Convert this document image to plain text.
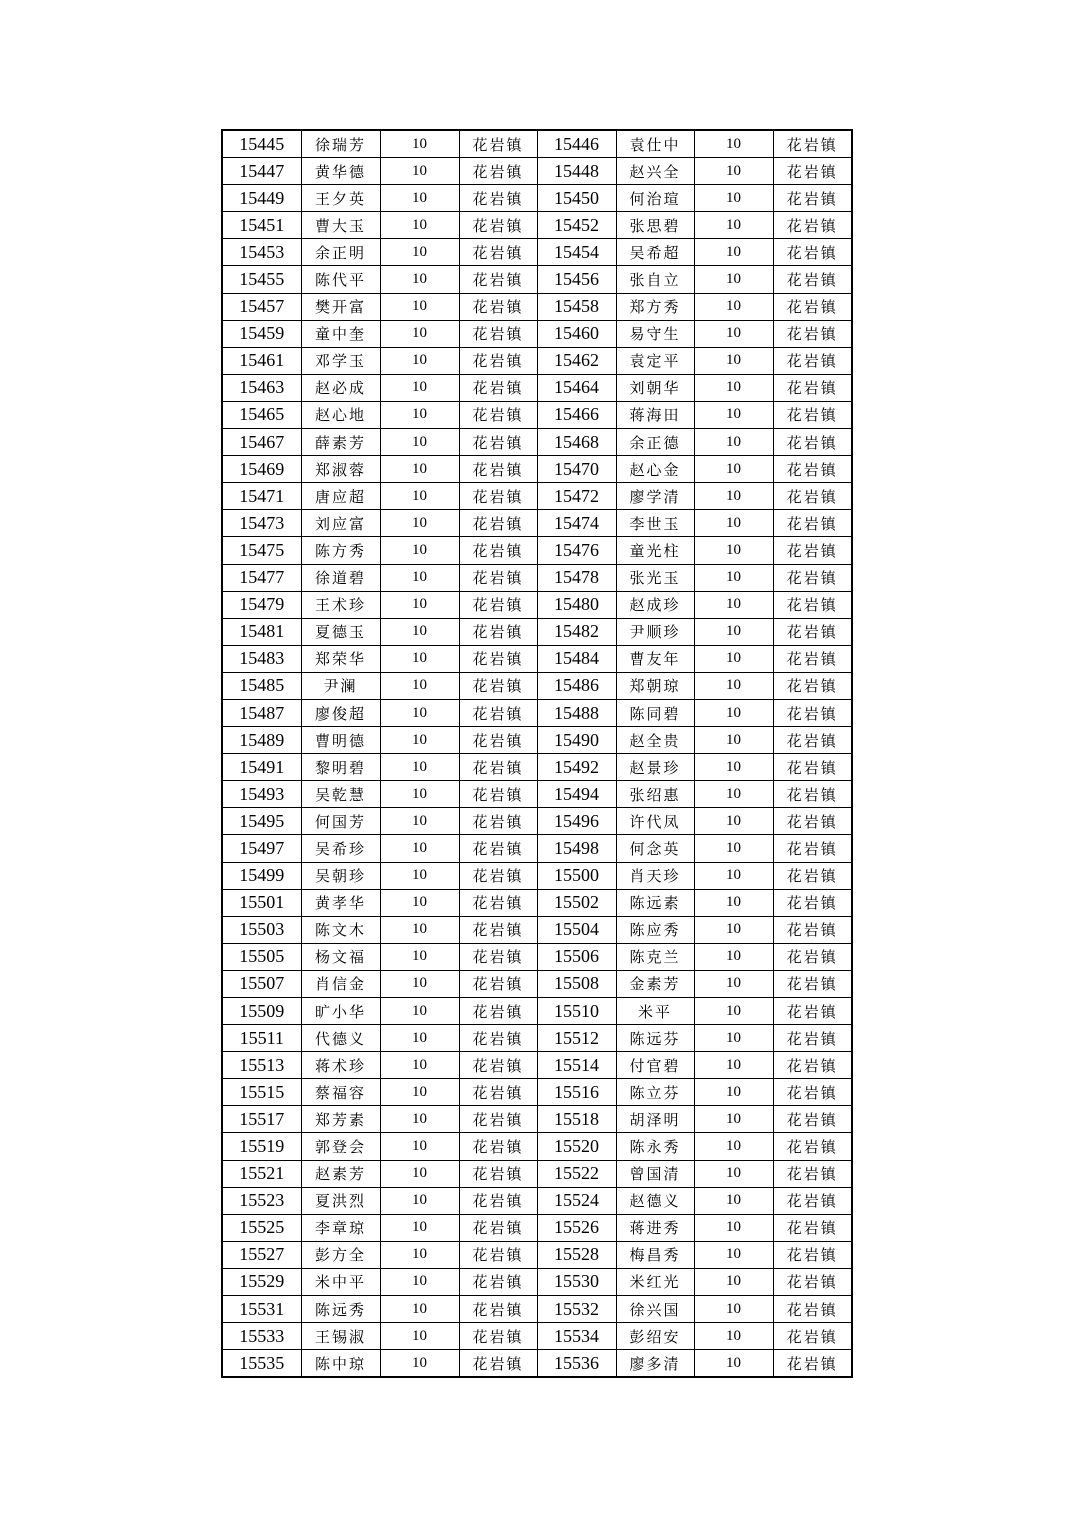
15445	徐瑞芳	10	花岩镇	15446	袁仕中	10	花岩镇
15447	黄华德	10	花岩镇	15448	赵兴全	10	花岩镇
15449	王夕英	10	花岩镇	15450	何治瑄	10	花岩镇
15451	曹大玉	10	花岩镇	15452	张思碧	10	花岩镇
15453	余正明	10	花岩镇	15454	吴希超	10	花岩镇
15455	陈代平	10	花岩镇	15456	张自立	10	花岩镇
15457	樊开富	10	花岩镇	15458	郑方秀	10	花岩镇
15459	童中奎	10	花岩镇	15460	易守生	10	花岩镇
15461	邓学玉	10	花岩镇	15462	袁定平	10	花岩镇
15463	赵必成	10	花岩镇	15464	刘朝华	10	花岩镇
15465	赵心地	10	花岩镇	15466	蒋海田	10	花岩镇
15467	薛素芳	10	花岩镇	15468	余正德	10	花岩镇
15469	郑淑蓉	10	花岩镇	15470	赵心金	10	花岩镇
15471	唐应超	10	花岩镇	15472	廖学清	10	花岩镇
15473	刘应富	10	花岩镇	15474	李世玉	10	花岩镇
15475	陈方秀	10	花岩镇	15476	童光柱	10	花岩镇
15477	徐道碧	10	花岩镇	15478	张光玉	10	花岩镇
15479	王术珍	10	花岩镇	15480	赵成珍	10	花岩镇
15481	夏德玉	10	花岩镇	15482	尹顺珍	10	花岩镇
15483	郑荣华	10	花岩镇	15484	曹友年	10	花岩镇
15485	尹澜	10	花岩镇	15486	郑朝琼	10	花岩镇
15487	廖俊超	10	花岩镇	15488	陈同碧	10	花岩镇
15489	曹明德	10	花岩镇	15490	赵全贵	10	花岩镇
15491	黎明碧	10	花岩镇	15492	赵景珍	10	花岩镇
15493	吴乾慧	10	花岩镇	15494	张绍惠	10	花岩镇
15495	何国芳	10	花岩镇	15496	许代凤	10	花岩镇
15497	吴希珍	10	花岩镇	15498	何念英	10	花岩镇
15499	吴朝珍	10	花岩镇	15500	肖天珍	10	花岩镇
15501	黄孝华	10	花岩镇	15502	陈远素	10	花岩镇
15503	陈文木	10	花岩镇	15504	陈应秀	10	花岩镇
15505	杨文福	10	花岩镇	15506	陈克兰	10	花岩镇
15507	肖信金	10	花岩镇	15508	金素芳	10	花岩镇
15509	旷小华	10	花岩镇	15510	米平	10	花岩镇
15511	代德义	10	花岩镇	15512	陈远芬	10	花岩镇
15513	蒋术珍	10	花岩镇	15514	付官碧	10	花岩镇
15515	蔡福容	10	花岩镇	15516	陈立芬	10	花岩镇
15517	郑芳素	10	花岩镇	15518	胡泽明	10	花岩镇
15519	郭登会	10	花岩镇	15520	陈永秀	10	花岩镇
15521	赵素芳	10	花岩镇	15522	曾国清	10	花岩镇
15523	夏洪烈	10	花岩镇	15524	赵德义	10	花岩镇
15525	李章琼	10	花岩镇	15526	蒋进秀	10	花岩镇
15527	彭方全	10	花岩镇	15528	梅昌秀	10	花岩镇
15529	米中平	10	花岩镇	15530	米红光	10	花岩镇
15531	陈远秀	10	花岩镇	15532	徐兴国	10	花岩镇
15533	王锡淑	10	花岩镇	15534	彭绍安	10	花岩镇
15535	陈中琼	10	花岩镇	15536	廖多清	10	花岩镇
